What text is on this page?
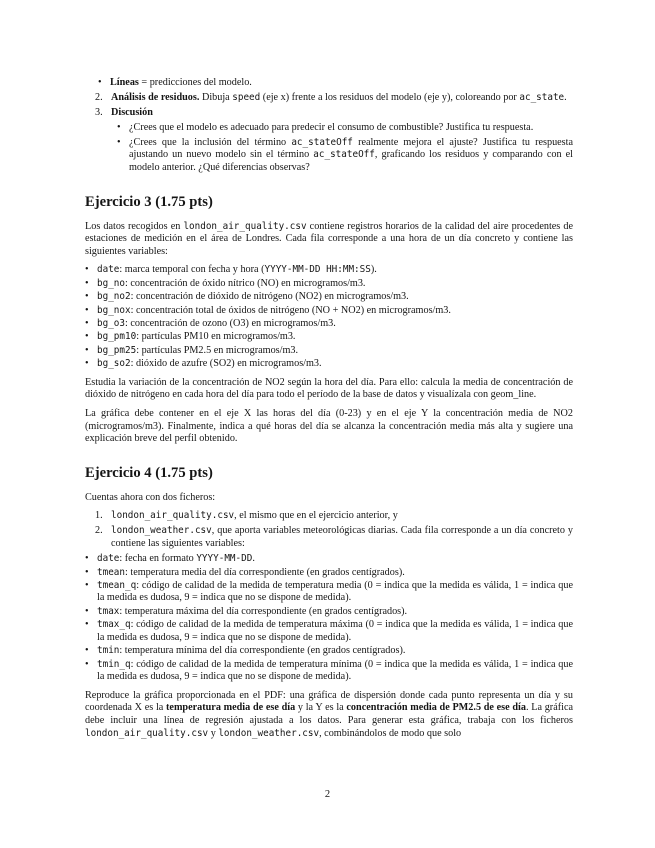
• Líneas = predicciones del modelo.
2. Análisis de residuos. Dibuja speed (eje x) frente a los residuos del modelo (eje y), coloreando por ac_state.
3. Discusión
• ¿Crees que el modelo es adecuado para predecir el consumo de combustible? Justifica tu respuesta.
• ¿Crees que la inclusión del término ac_stateOff realmente mejora el ajuste? Justifica tu respuesta ajustando un nuevo modelo sin el término ac_stateOff, graficando los residuos y comparando con el modelo anterior. ¿Qué diferencias observas?
Ejercicio 3 (1.75 pts)
Los datos recogidos en london_air_quality.csv contiene registros horarios de la calidad del aire procedentes de estaciones de medición en el área de Londres. Cada fila corresponde a una hora de un día concreto y contiene las siguientes variables:
• date: marca temporal con fecha y hora (YYYY-MM-DD HH:MM:SS).
• bg_no: concentración de óxido nítrico (NO) en microgramos/m3.
• bg_no2: concentración de dióxido de nitrógeno (NO2) en microgramos/m3.
• bg_nox: concentración total de óxidos de nitrógeno (NO + NO2) en microgramos/m3.
• bg_o3: concentración de ozono (O3) en microgramos/m3.
• bg_pm10: partículas PM10 en microgramos/m3.
• bg_pm25: partículas PM2.5 en microgramos/m3.
• bg_so2: dióxido de azufre (SO2) en microgramos/m3.
Estudia la variación de la concentración de NO2 según la hora del día. Para ello: calcula la media de concentración de dióxido de nitrógeno en cada hora del día para todo el período de la base de datos y visualízala con geom_line.
La gráfica debe contener en el eje X las horas del día (0-23) y en el eje Y la concentración media de NO2 (microgramos/m3). Finalmente, indica a qué horas del día se alcanza la concentración media más alta y sugiere una explicación breve del perfil obtenido.
Ejercicio 4 (1.75 pts)
Cuentas ahora con dos ficheros:
1. london_air_quality.csv, el mismo que en el ejercicio anterior, y
2. london_weather.csv, que aporta variables meteorológicas diarias. Cada fila corresponde a un día concreto y contiene las siguientes variables:
• date: fecha en formato YYYY-MM-DD.
• tmean: temperatura media del día correspondiente (en grados centígrados).
• tmean_q: código de calidad de la medida de temperatura media (0 = indica que la medida es válida, 1 = indica que la medida es dudosa, 9 = indica que no se dispone de medida).
• tmax: temperatura máxima del día correspondiente (en grados centígrados).
• tmax_q: código de calidad de la medida de temperatura máxima (0 = indica que la medida es válida, 1 = indica que la medida es dudosa, 9 = indica que no se dispone de medida).
• tmin: temperatura mínima del día correspondiente (en grados centígrados).
• tmin_q: código de calidad de la medida de temperatura mínima (0 = indica que la medida es válida, 1 = indica que la medida es dudosa, 9 = indica que no se dispone de medida).
Reproduce la gráfica proporcionada en el PDF: una gráfica de dispersión donde cada punto representa un día y su coordenada X es la temperatura media de ese día y la Y es la concentración media de PM2.5 de ese día. La gráfica debe incluir una línea de regresión ajustada a los datos. Para generar esta gráfica, trabaja con los ficheros london_air_quality.csv y london_weather.csv, combinándolos de modo que solo
2
